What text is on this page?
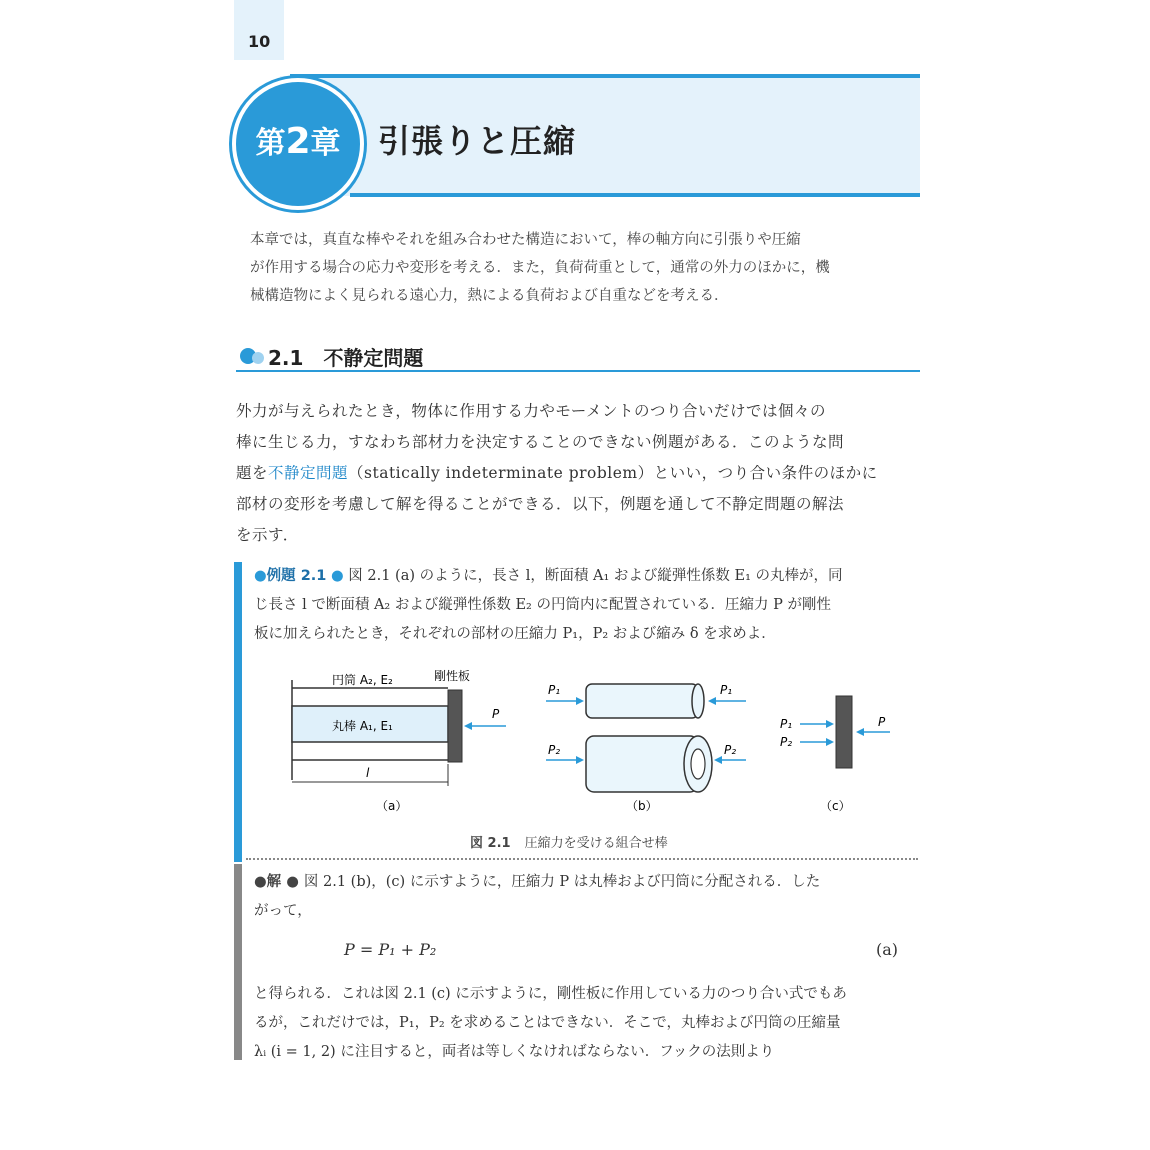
10
第2章	引張りと圧縮
本章では，真直な棒やそれを組み合わせた構造において，棒の軸方向に引張りや圧縮
が作用する場合の応力や変形を考える．また，負荷荷重として，通常の外力のほかに，機
械構造物によく見られる遠心力，熱による負荷および自重などを考える．
2.1 不静定問題
外力が与えられたとき，物体に作用する力やモーメントのつり合いだけでは個々の
棒に生じる力，すなわち部材力を決定することのできない例題がある．このような問
題を不静定問題（statically indeterminate problem）といい，つり合い条件のほかに
部材の変形を考慮して解を得ることができる．以下，例題を通して不静定問題の解法
を示す．
●例題 2.1 ● 図 2.1 (a) のように，長さ l，断面積 A₁ および縦弾性係数 E₁ の丸棒が，同
じ長さ l で断面積 A₂ および縦弾性係数 E₂ の円筒内に配置されている．圧縮力 P が剛性
板に加えられたとき，それぞれの部材の圧縮力 P₁，P₂ および縮み δ を求めよ．
円筒 A₂, E₂	剛性板
丸棒 A₁, E₁
l
P
（a）
P₁	P₁
P₂	P₂
（b）
P₁
P₂
P
（c）
図 2.1 圧縮力を受ける組合せ棒
●解 ● 図 2.1 (b)，(c) に示すように，圧縮力 P は丸棒および円筒に分配される．した
がって，
P = P₁ + P₂	(a)
と得られる．これは図 2.1 (c) に示すように，剛性板に作用している力のつり合い式でもあ
るが，これだけでは，P₁，P₂ を求めることはできない．そこで，丸棒および円筒の圧縮量
λᵢ (i = 1, 2) に注目すると，両者は等しくなければならない．フックの法則より
